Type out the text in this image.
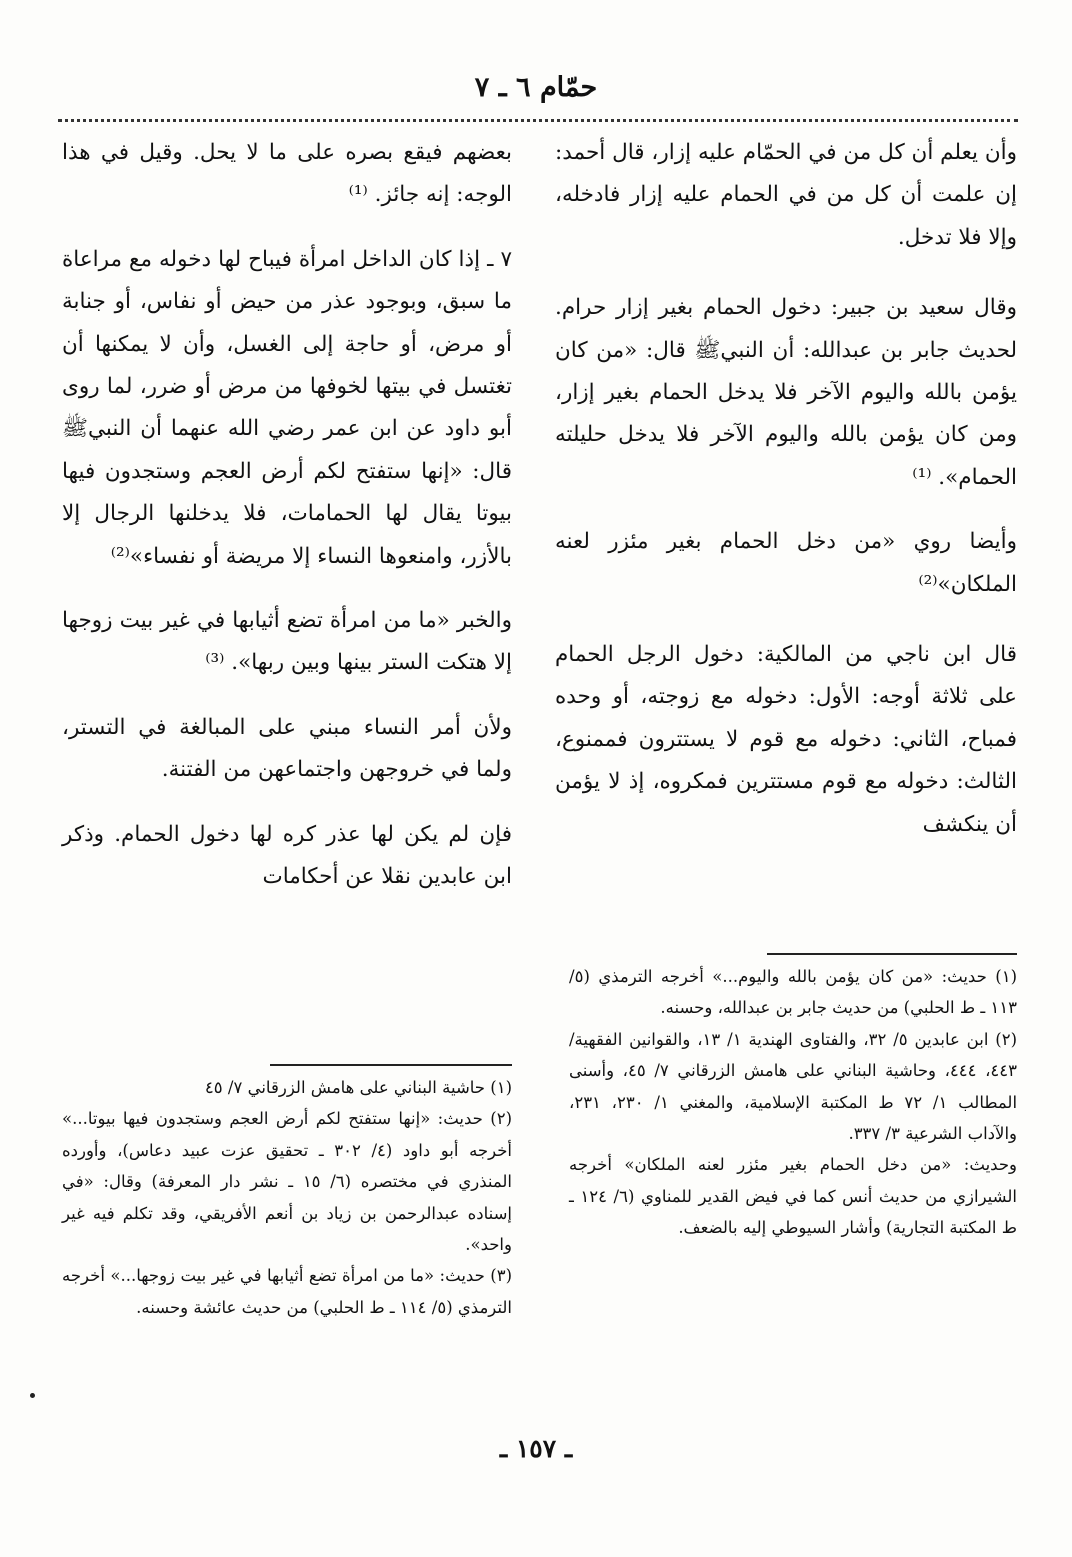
حمّام ٦ ـ ٧

وأن يعلم أن كل من في الحمّام عليه إزار، قال أحمد: إن علمت أن كل من في الحمام عليه إزار فادخله، وإلا فلا تدخل.

وقال سعيد بن جبير: دخول الحمام بغير إزار حرام. لحديث جابر بن عبدالله: أن النبيﷺ قال: «من كان يؤمن بالله واليوم الآخر فلا يدخل الحمام بغير إزار، ومن كان يؤمن بالله واليوم الآخر فلا يدخل حليلته الحمام». ⁽¹⁾

وأيضا روي «من دخل الحمام بغير مئزر لعنه الملكان»⁽²⁾

قال ابن ناجي من المالكية: دخول الرجل الحمام على ثلاثة أوجه: الأول: دخوله مع زوجته، أو وحده فمباح، الثاني: دخوله مع قوم لا يستترون فممنوع، الثالث: دخوله مع قوم مستترين فمكروه، إذ لا يؤمن أن ينكشف

(١) حديث: «من كان يؤمن بالله واليوم...» أخرجه الترمذي (٥/ ١١٣ ـ ط الحلبي) من حديث جابر بن عبدالله، وحسنه.

(٢) ابن عابدين ٥/ ٣٢، والفتاوى الهندية ١/ ١٣، والقوانين الفقهية/ ٤٤٣، ٤٤٤، وحاشية البناني على هامش الزرقاني ٧/ ٤٥، وأسنى المطالب ١/ ٧٢ ط المكتبة الإسلامية، والمغني ١/ ٢٣٠، ٢٣١، والآداب الشرعية ٣/ ٣٣٧.

وحديث: «من دخل الحمام بغير مئزر لعنه الملكان» أخرجه الشيرازي من حديث أنس كما في فيض القدير للمناوي (٦/ ١٢٤ ـ ط المكتبة التجارية) وأشار السيوطي إليه بالضعف.

بعضهم فيقع بصره على ما لا يحل. وقيل في هذا الوجه: إنه جائز. ⁽¹⁾

٧ ـ إذا كان الداخل امرأة فيباح لها دخوله مع مراعاة ما سبق، وبوجود عذر من حيض أو نفاس، أو جنابة أو مرض، أو حاجة إلى الغسل، وأن لا يمكنها أن تغتسل في بيتها لخوفها من مرض أو ضرر، لما روى أبو داود عن ابن عمر رضي الله عنهما أن النبيﷺ قال: «إنها ستفتح لكم أرض العجم وستجدون فيها بيوتا يقال لها الحمامات، فلا يدخلنها الرجال إلا بالأزر، وامنعوها النساء إلا مريضة أو نفساء»⁽²⁾

والخبر «ما من امرأة تضع أثيابها في غير بيت زوجها إلا هتكت الستر بينها وبين ربها». ⁽³⁾

ولأن أمر النساء مبني على المبالغة في التستر، ولما في خروجهن واجتماعهن من الفتنة.

فإن لم يكن لها عذر كره لها دخول الحمام. وذكر ابن عابدين نقلا عن أحكامات

(١) حاشية البناني على هامش الزرقاني ٧/ ٤٥

(٢) حديث: «إنها ستفتح لكم أرض العجم وستجدون فيها بيوتا...» أخرجه أبو داود (٤/ ٣٠٢ ـ تحقيق عزت عبيد دعاس)، وأورده المنذري في مختصره (٦/ ١٥ ـ نشر دار المعرفة) وقال: «في إسناده عبدالرحمن بن زياد بن أنعم الأفريقي، وقد تكلم فيه غير واحد».

(٣) حديث: «ما من امرأة تضع أثيابها في غير بيت زوجها...» أخرجه الترمذي (٥/ ١١٤ ـ ط الحلبي) من حديث عائشة وحسنه.

ـ ١٥٧ ـ
